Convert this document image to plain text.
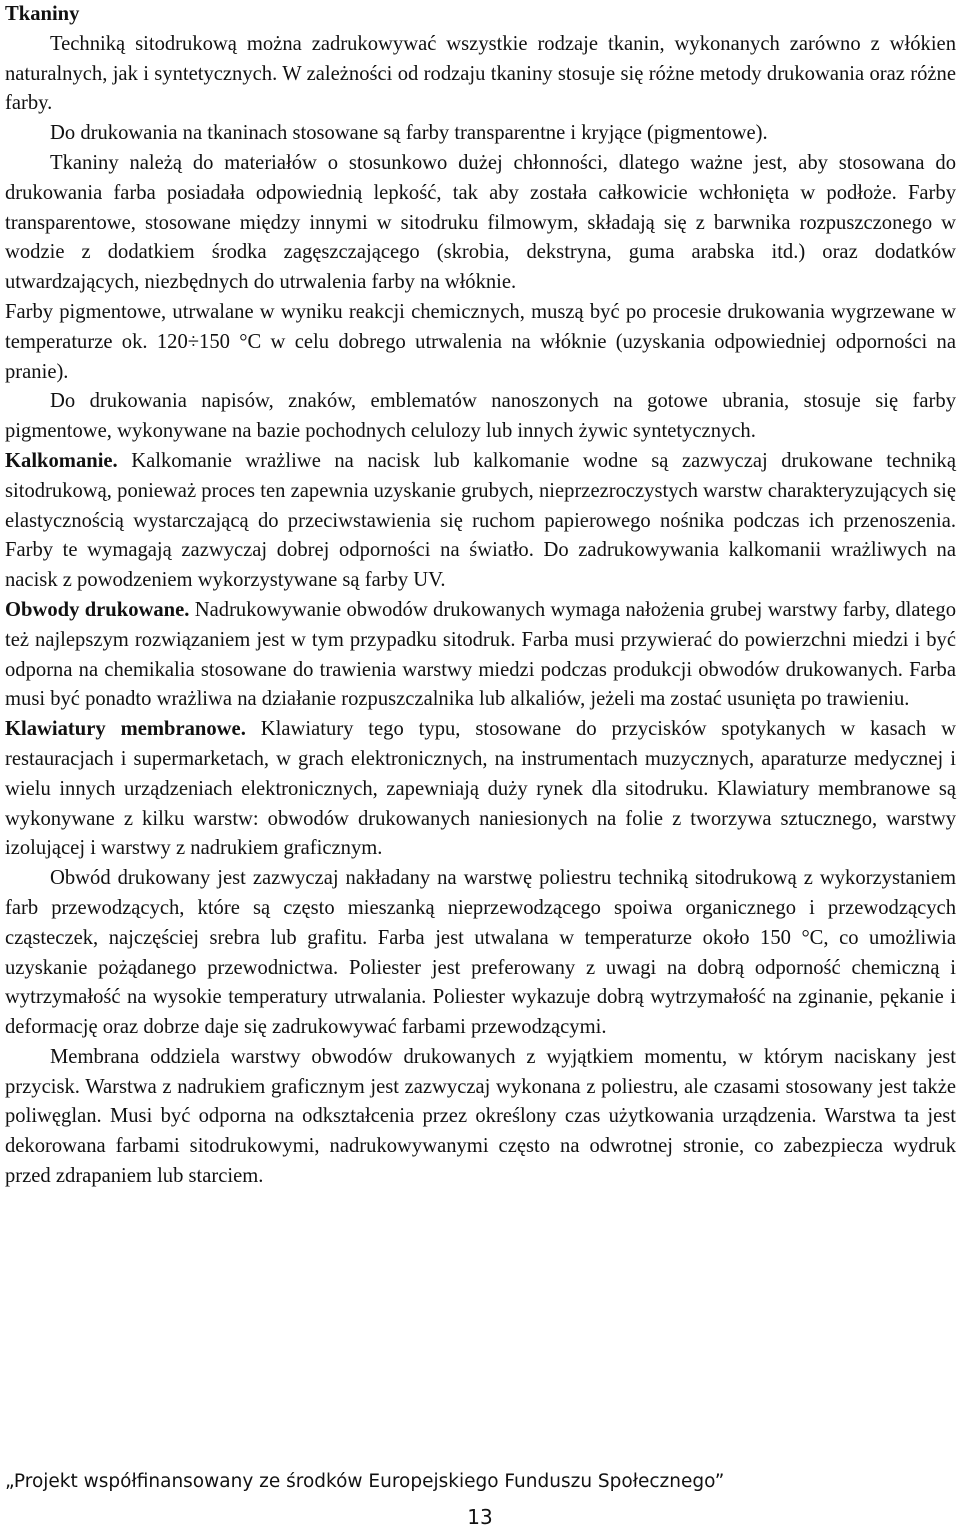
Tkaniny

Techniką sitodrukową można zadrukowywać wszystkie rodzaje tkanin, wykonanych zarówno z włókien naturalnych, jak i syntetycznych. W zależności od rodzaju tkaniny stosuje się różne metody drukowania oraz różne farby.

Do drukowania na tkaninach stosowane są farby transparentne i kryjące (pigmentowe).

Tkaniny należą do materiałów o stosunkowo dużej chłonności, dlatego ważne jest, aby stosowana do drukowania farba posiadała odpowiednią lepkość, tak aby została całkowicie wchłonięta w podłoże. Farby transparentowe, stosowane między innymi w sitodruku filmowym, składają się z barwnika rozpuszczonego w wodzie z dodatkiem środka zagęszczającego (skrobia, dekstryna, guma arabska itd.) oraz dodatków utwardzających, niezbędnych do utrwalenia farby na włóknie.

Farby pigmentowe, utrwalane w wyniku reakcji chemicznych, muszą być po procesie drukowania wygrzewane w temperaturze ok. 120÷150 °C w celu dobrego utrwalenia na włóknie (uzyskania odpowiedniej odporności na pranie).

Do drukowania napisów, znaków, emblematów nanoszonych na gotowe ubrania, stosuje się farby pigmentowe, wykonywane na bazie pochodnych celulozy lub innych żywic syntetycznych.

Kalkomanie. Kalkomanie wrażliwe na nacisk lub kalkomanie wodne są zazwyczaj drukowane techniką sitodrukową, ponieważ proces ten zapewnia uzyskanie grubych, nieprzezroczystych warstw charakteryzujących się elastycznością wystarczającą do przeciwstawienia się ruchom papierowego nośnika podczas ich przenoszenia. Farby te wymagają zazwyczaj dobrej odporności na światło. Do zadrukowywania kalkomanii wrażliwych na nacisk z powodzeniem wykorzystywane są farby UV.

Obwody drukowane. Nadrukowywanie obwodów drukowanych wymaga nałożenia grubej warstwy farby, dlatego też najlepszym rozwiązaniem jest w tym przypadku sitodruk. Farba musi przywierać do powierzchni miedzi i być odporna na chemikalia stosowane do trawienia warstwy miedzi podczas produkcji obwodów drukowanych. Farba musi być ponadto wrażliwa na działanie rozpuszczalnika lub alkaliów, jeżeli ma zostać usunięta po trawieniu.

Klawiatury membranowe. Klawiatury tego typu, stosowane do przycisków spotykanych w kasach w restauracjach i supermarketach, w grach elektronicznych, na instrumentach muzycznych, aparaturze medycznej i wielu innych urządzeniach elektronicznych, zapewniają duży rynek dla sitodruku. Klawiatury membranowe są wykonywane z kilku warstw: obwodów drukowanych naniesionych na folie z tworzywa sztucznego, warstwy izolującej i warstwy z nadrukiem graficznym.

Obwód drukowany jest zazwyczaj nakładany na warstwę poliestru techniką sitodrukową z wykorzystaniem farb przewodzących, które są często mieszanką nieprzewodzącego spoiwa organicznego i przewodzących cząsteczek, najczęściej srebra lub grafitu. Farba jest utwalana w temperaturze około 150 °C, co umożliwia uzyskanie pożądanego przewodnictwa. Poliester jest preferowany z uwagi na dobrą odporność chemiczną i wytrzymałość na wysokie temperatury utrwalania. Poliester wykazuje dobrą wytrzymałość na zginanie, pękanie i deformację oraz dobrze daje się zadrukowywać farbami przewodzącymi.

Membrana oddziela warstwy obwodów drukowanych z wyjątkiem momentu, w którym naciskany jest przycisk. Warstwa z nadrukiem graficznym jest zazwyczaj wykonana z poliestru, ale czasami stosowany jest także poliwęglan. Musi być odporna na odkształcenia przez określony czas użytkowania urządzenia. Warstwa ta jest dekorowana farbami sitodrukowymi, nadrukowywanymi często na odwrotnej stronie, co zabezpiecza wydruk przed zdrapaniem lub starciem.

„Projekt współfinansowany ze środków Europejskiego Funduszu Społecznego”
13
